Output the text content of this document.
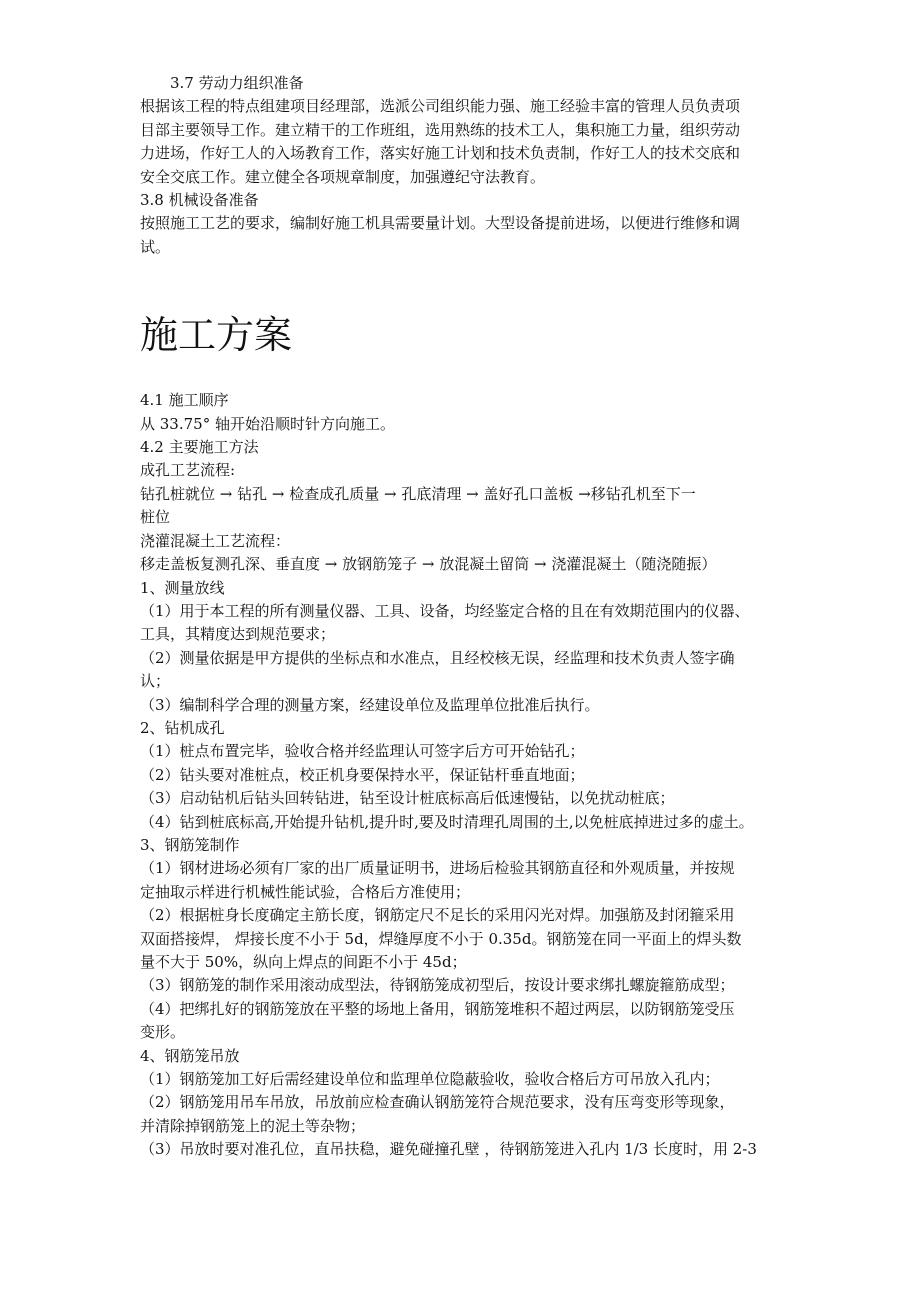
3.7 劳动力组织准备
根据该工程的特点组建项目经理部，选派公司组织能力强、施工经验丰富的管理人员负责项
目部主要领导工作。建立精干的工作班组，选用熟练的技术工人，集积施工力量，组织劳动
力进场，作好工人的入场教育工作，落实好施工计划和技术负责制，作好工人的技术交底和
安全交底工作。建立健全各项规章制度，加强遵纪守法教育。
3.8 机械设备准备
按照施工工艺的要求，编制好施工机具需要量计划。大型设备提前进场，以便进行维修和调
试。
施工方案
4.1 施工顺序
从 33.75° 轴开始沿顺时针方向施工。
4.2 主要施工方法
成孔工艺流程:
钻孔桩就位 → 钻孔 → 检查成孔质量 → 孔底清理 → 盖好孔口盖板 →移钻孔机至下一
桩位
浇灌混凝土工艺流程：
移走盖板复测孔深、垂直度 → 放钢筋笼子 → 放混凝土留筒 → 浇灌混凝土（随浇随振）
1、测量放线
（1）用于本工程的所有测量仪器、工具、设备，均经鉴定合格的且在有效期范围内的仪器、
工具，其精度达到规范要求；
（2）测量依据是甲方提供的坐标点和水准点，且经校核无误，经监理和技术负责人签字确
认；
（3）编制科学合理的测量方案，经建设单位及监理单位批准后执行。
2、钻机成孔
（1）桩点布置完毕，验收合格并经监理认可签字后方可开始钻孔；
（2）钻头要对准桩点，校正机身要保持水平，保证钻杆垂直地面；
（3）启动钻机后钻头回转钻进，钻至设计桩底标高后低速慢钻，以免扰动桩底；
（4）钻到桩底标高,开始提升钻机,提升时,要及时清理孔周围的土,以免桩底掉进过多的虚土。
3、钢筋笼制作
（1）钢材进场必须有厂家的出厂质量证明书，进场后检验其钢筋直径和外观质量，并按规
定抽取示样进行机械性能试验，合格后方准使用；
（2）根据桩身长度确定主筋长度，钢筋定尺不足长的采用闪光对焊。加强筋及封闭箍采用
双面搭接焊， 焊接长度不小于 5d，焊缝厚度不小于 0.35d。钢筋笼在同一平面上的焊头数
量不大于 50%，纵向上焊点的间距不小于 45d；
（3）钢筋笼的制作采用滚动成型法，待钢筋笼成初型后，按设计要求绑扎螺旋箍筋成型；
（4）把绑扎好的钢筋笼放在平整的场地上备用，钢筋笼堆积不超过两层，以防钢筋笼受压
变形。
4、钢筋笼吊放
（1）钢筋笼加工好后需经建设单位和监理单位隐蔽验收，验收合格后方可吊放入孔内；
（2）钢筋笼用吊车吊放，吊放前应检查确认钢筋笼符合规范要求，没有压弯变形等现象，
并清除掉钢筋笼上的泥土等杂物；
（3）吊放时要对准孔位，直吊扶稳，避免碰撞孔壁 ，待钢筋笼进入孔内 1/3 长度时，用 2-3
